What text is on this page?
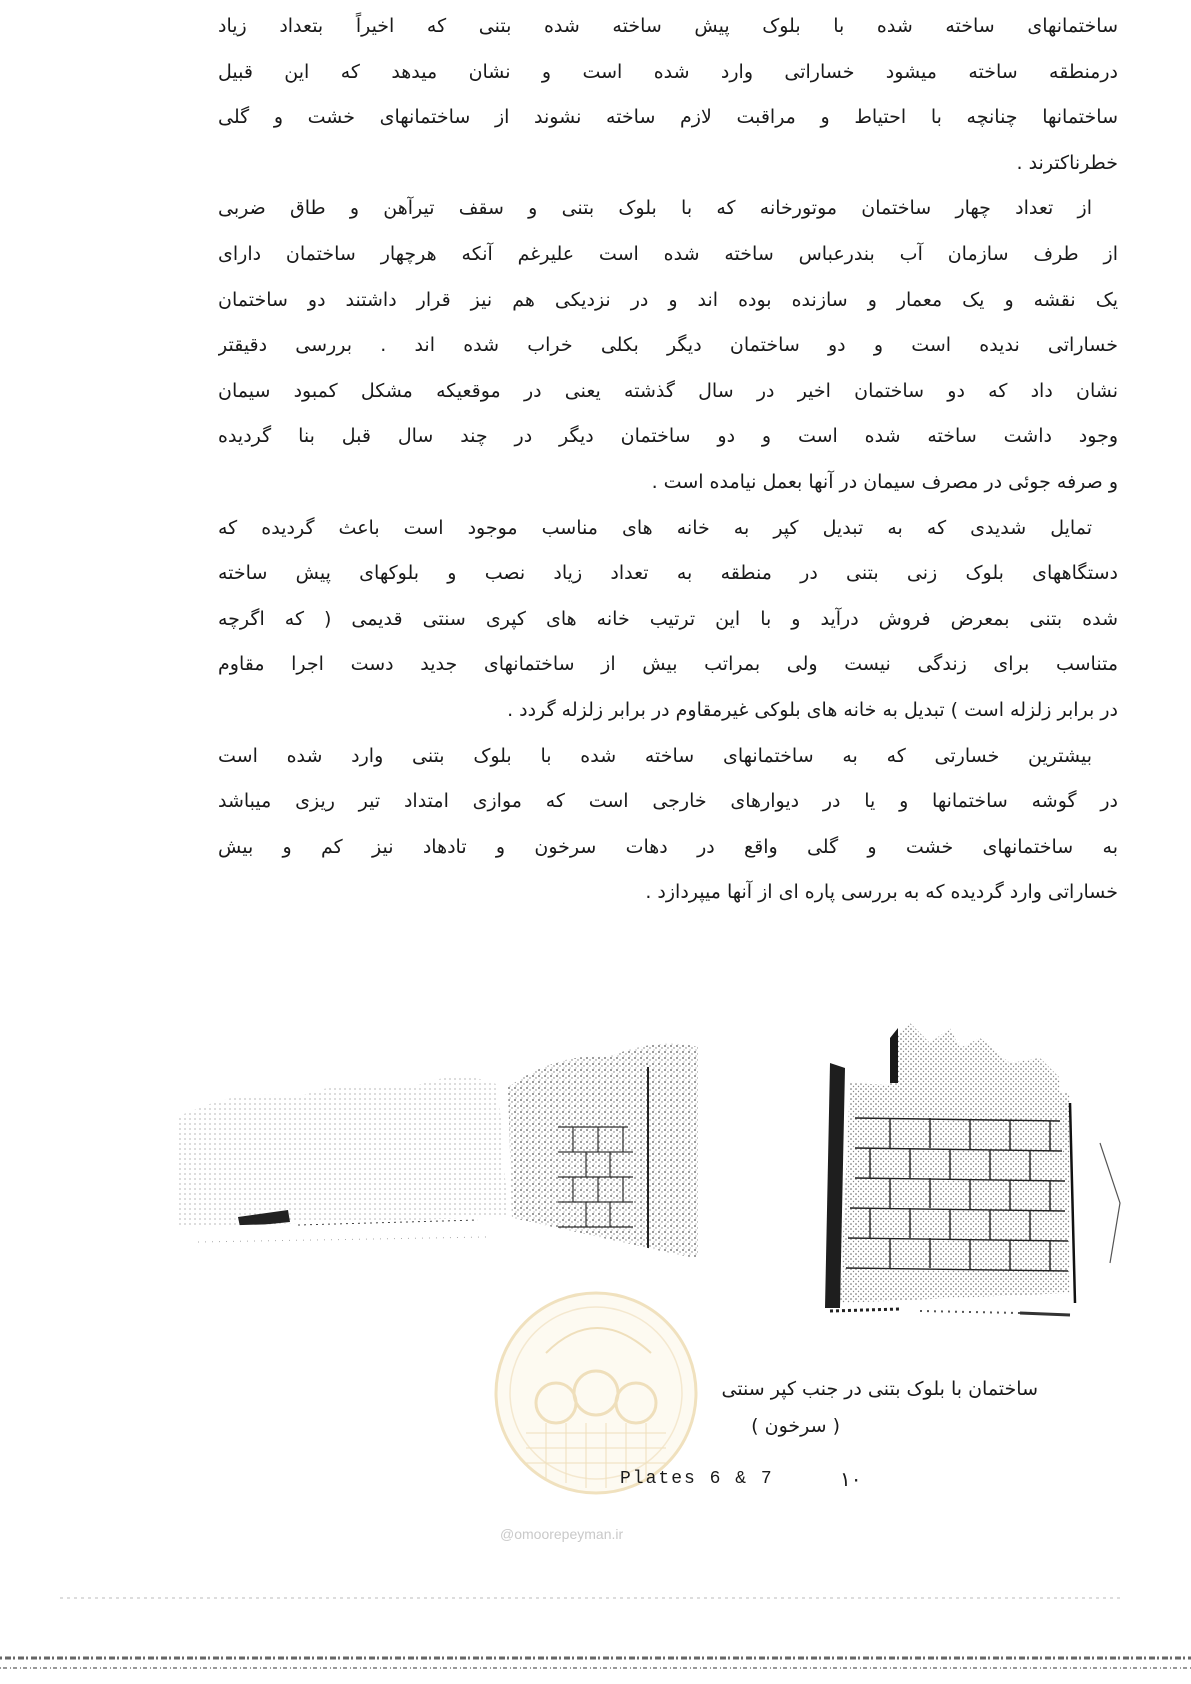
ساختمانهای ساخته شده با بلوک پیش ساخته شده بتنی که اخیراً بتعداد زیاد
درمنطقه ساخته میشود خساراتی وارد شده است و نشان میدهد که این قبیل
ساختمانها چنانچه با احتیاط و مراقبت لازم ساخته نشوند از ساختمانهای خشت و گلی
خطرناکترند .

از تعداد چهار ساختمان موتورخانه که با بلوک بتنی و سقف تیرآهن و طاق ضربی
از طرف سازمان آب بندرعباس ساخته شده است علیرغم آنکه هرچهار ساختمان دارای
یک نقشه و یک معمار و سازنده بوده اند و در نزدیکی هم نیز قرار داشتند دو ساختمان
خساراتی ندیده است و دو ساختمان دیگر بکلی خراب شده اند . بررسی دقیقتر
نشان داد که دو ساختمان اخیر در سال گذشته یعنی در موقعیکه مشکل کمبود سیمان
وجود داشت ساخته شده است و دو ساختمان دیگر در چند سال قبل بنا گردیده
و صرفه جوئی در مصرف سیمان در آنها بعمل نیامده است .

تمایل شدیدی که به تبدیل کپر به خانه های مناسب موجود است باعث گردیده که
دستگاههای بلوک زنی بتنی در منطقه به تعداد زیاد نصب و بلوکهای پیش ساخته
شده بتنی بمعرض فروش درآید و با این ترتیب خانه های کپری سنتی قدیمی ( که اگرچه
متناسب برای زندگی نیست ولی بمراتب بیش از ساختمانهای جدید دست اجرا مقاوم
در برابر زلزله است ) تبدیل به خانه های بلوکی غیرمقاوم در برابر زلزله گردد .

بیشترین خسارتی که به ساختمانهای ساخته شده با بلوک بتنی وارد شده است
در گوشه ساختمانها و یا در دیوارهای خارجی است که موازی امتداد تیر ریزی میباشد
به ساختمانهای خشت و گلی واقع در دهات سرخون و تادهاد نیز کم و بیش
خساراتی وارد گردیده که به بررسی پاره ای از آنها میپردازد .

ساختمان با بلوک بتنی در جنب کپر سنتی
( سرخون )
Plates 6 & 7	۱۰
@omoorepeyman.ir
